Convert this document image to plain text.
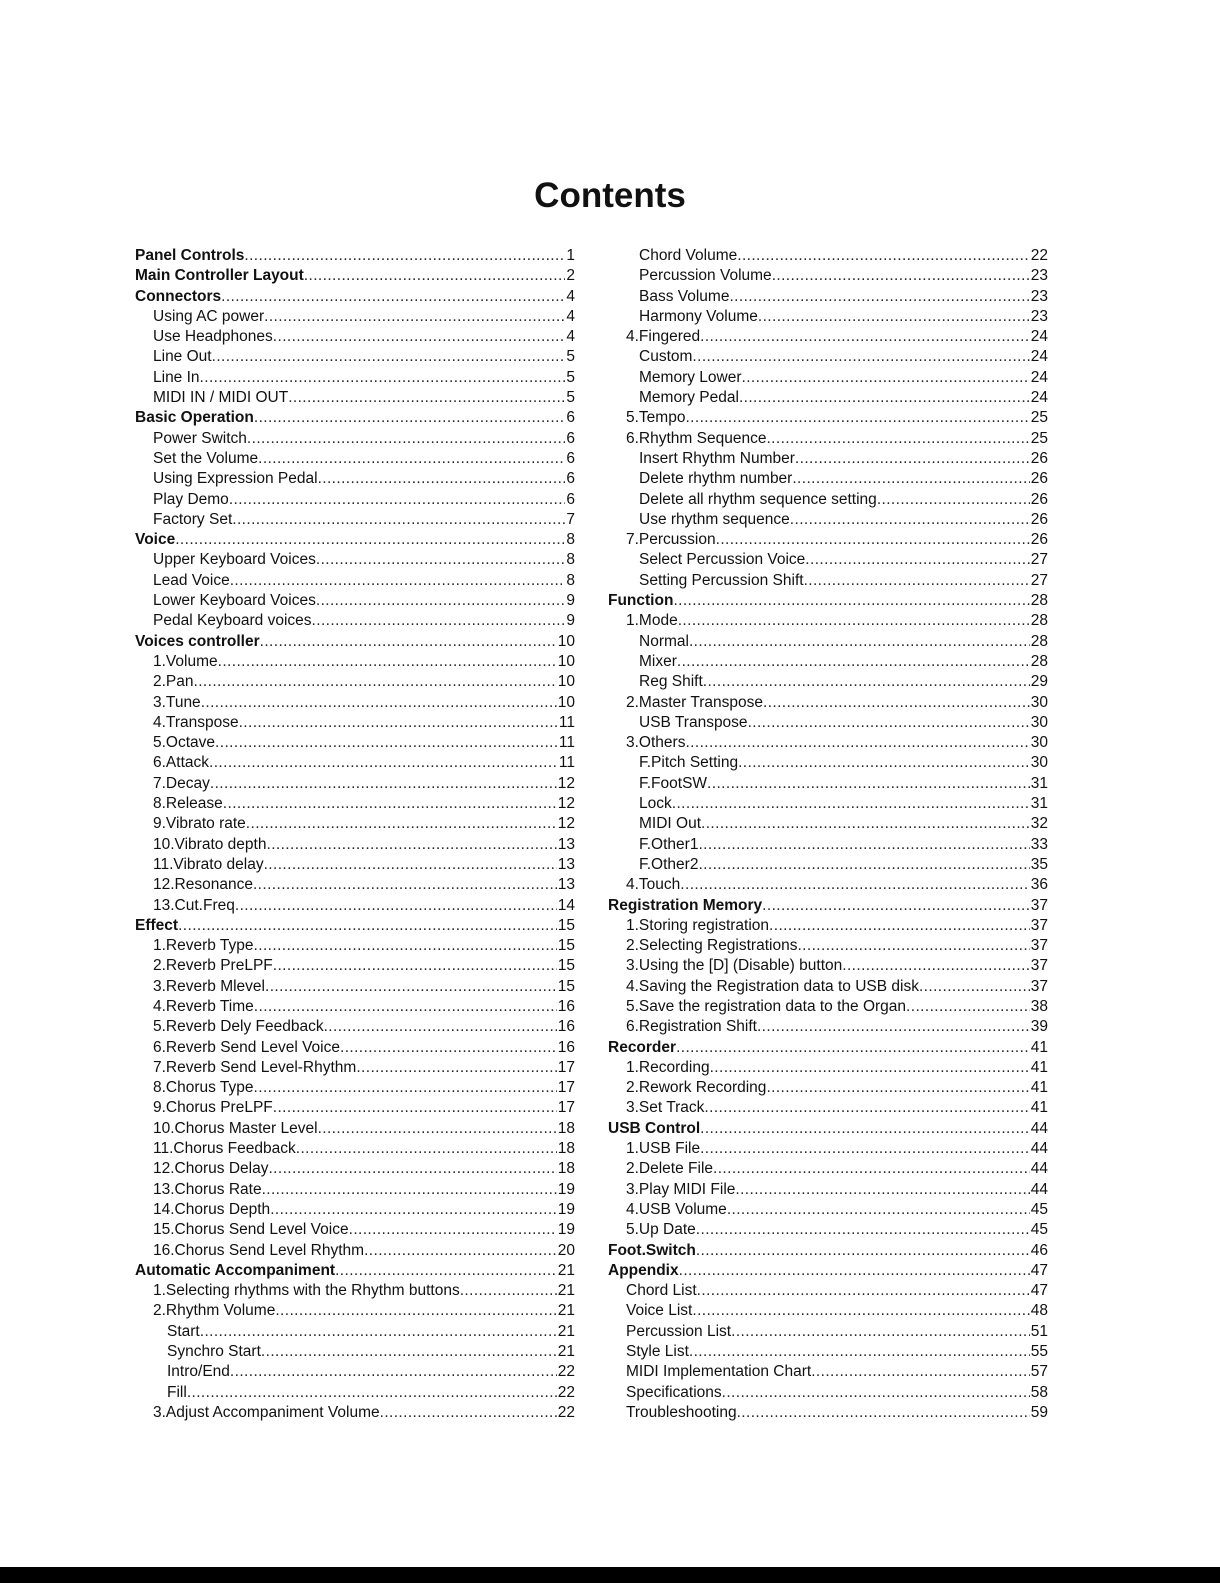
Contents
Panel Controls .....	1
Main Controller Layout .....	2
Connectors .....	4
Using AC power .....	4
Use Headphones .....	4
Line Out .....	5
Line In .....	5
MIDI IN / MIDI OUT .....	5
Basic Operation .....	6
Power Switch .....	6
Set the Volume .....	6
Using Expression Pedal .....	6
Play Demo .....	6
Factory Set .....	7
Voice .....	8
Upper Keyboard Voices .....	8
Lead Voice .....	8
Lower Keyboard Voices .....	9
Pedal Keyboard voices .....	9
Voices controller .....	10
1.Volume .....	10
2.Pan .....	10
3.Tune .....	10
4.Transpose .....	11
5.Octave .....	11
6.Attack .....	11
7.Decay .....	12
8.Release .....	12
9.Vibrato rate .....	12
10.Vibrato depth .....	13
11.Vibrato delay .....	13
12.Resonance .....	13
13.Cut.Freq .....	14
Effect .....	15
1.Reverb Type .....	15
2.Reverb PreLPF .....	15
3.Reverb Mlevel .....	15
4.Reverb Time .....	16
5.Reverb Dely Feedback .....	16
6.Reverb Send Level Voice .....	16
7.Reverb Send Level-Rhythm .....	17
8.Chorus Type .....	17
9.Chorus PreLPF .....	17
10.Chorus Master Level .....	18
11.Chorus Feedback .....	18
12.Chorus Delay .....	18
13.Chorus Rate .....	19
14.Chorus Depth .....	19
15.Chorus Send Level Voice .....	19
16.Chorus Send Level Rhythm .....	20
Automatic Accompaniment .....	21
1.Selecting rhythms with the Rhythm buttons .....	21
2.Rhythm Volume .....	21
Start .....	21
Synchro Start .....	21
Intro/End .....	22
Fill .....	22
3.Adjust Accompaniment Volume .....	22
Chord Volume .....	22
Percussion Volume .....	23
Bass Volume .....	23
Harmony Volume .....	23
4.Fingered .....	24
Custom .....	24
Memory Lower .....	24
Memory Pedal .....	24
5.Tempo .....	25
6.Rhythm Sequence .....	25
Insert Rhythm Number .....	26
Delete rhythm number .....	26
Delete all rhythm sequence setting .....	26
Use rhythm sequence .....	26
7.Percussion .....	26
Select Percussion Voice .....	27
Setting Percussion Shift .....	27
Function .....	28
1.Mode .....	28
Normal .....	28
Mixer .....	28
Reg Shift .....	29
2.Master Transpose .....	30
USB Transpose .....	30
3.Others .....	30
F.Pitch Setting .....	30
F.FootSW .....	31
Lock .....	31
MIDI Out .....	32
F.Other1 .....	33
F.Other2 .....	35
4.Touch .....	36
Registration Memory .....	37
1.Storing registration .....	37
2.Selecting Registrations .....	37
3.Using the [D] (Disable) button .....	37
4.Saving the Registration data to USB disk .....	37
5.Save the registration data to the Organ .....	38
6.Registration Shift .....	39
Recorder .....	41
1.Recording .....	41
2.Rework Recording .....	41
3.Set Track .....	41
USB Control .....	44
1.USB File .....	44
2.Delete File .....	44
3.Play MIDI File .....	44
4.USB Volume .....	45
5.Up Date .....	45
Foot.Switch .....	46
Appendix .....	47
Chord List .....	47
Voice List .....	48
Percussion List .....	51
Style List .....	55
MIDI Implementation Chart .....	57
Specifications .....	58
Troubleshooting .....	59
